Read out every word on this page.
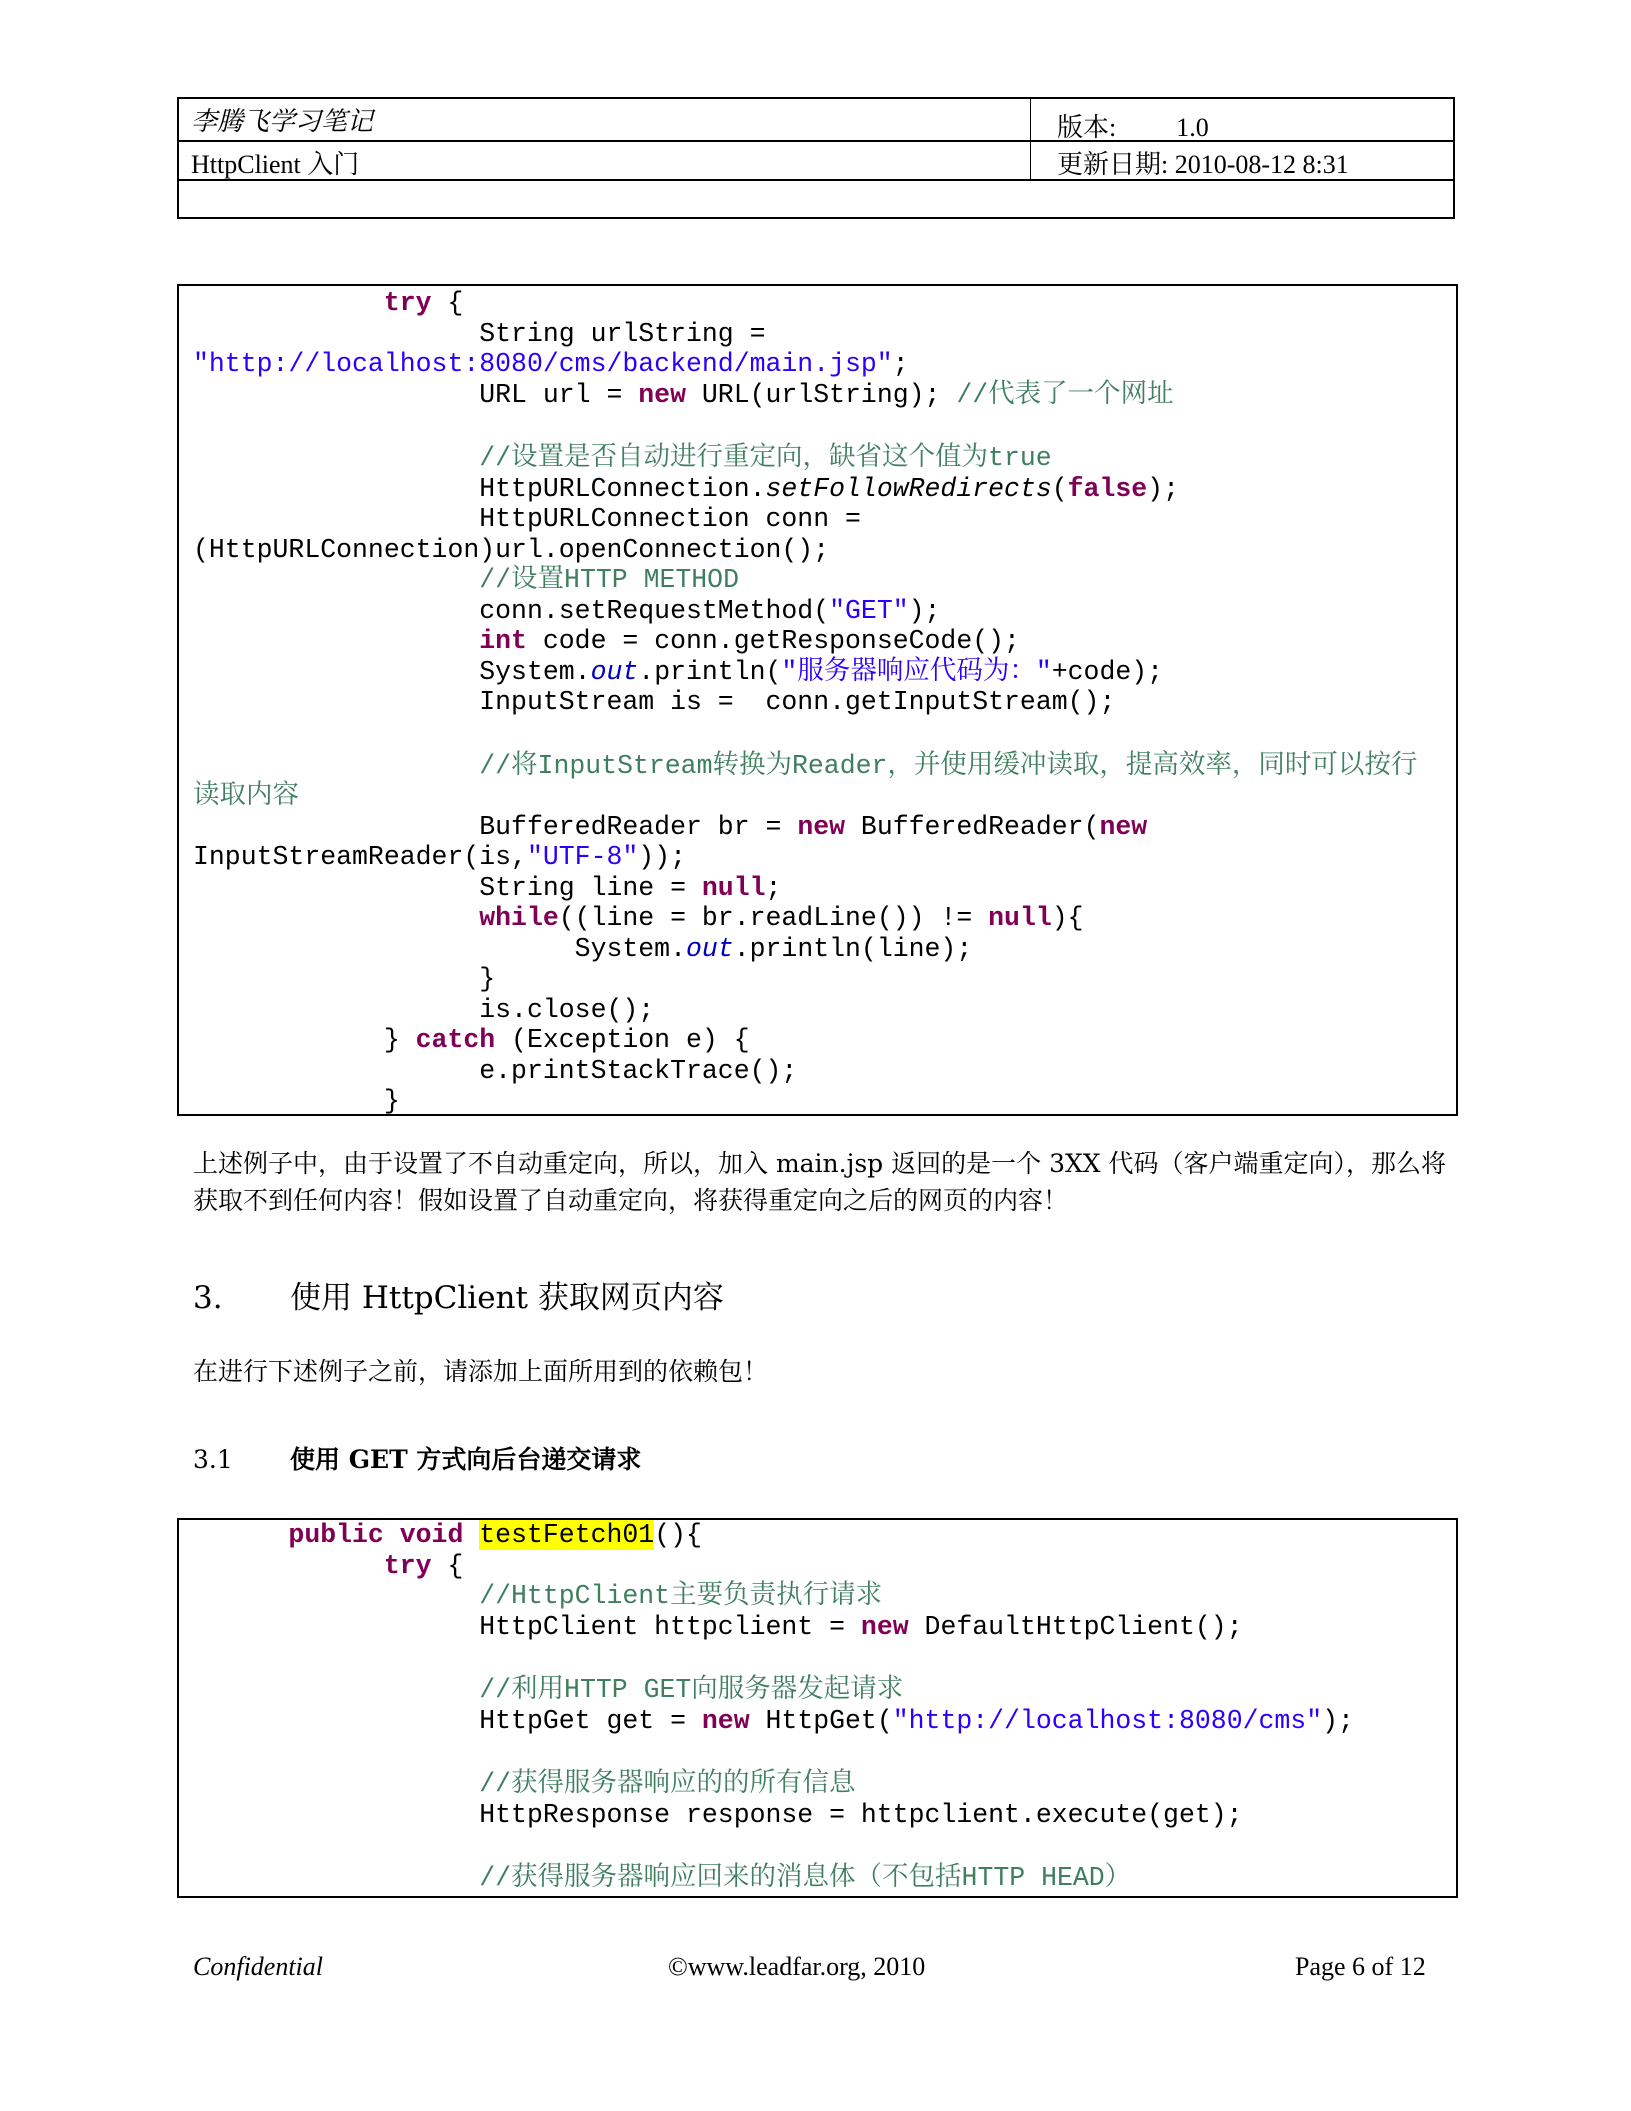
李腾飞学习笔记	版本: 1.0
HttpClient 入门	更新日期: 2010-08-12 8:31
try {
String urlString =
"http://localhost:8080/cms/backend/main.jsp";
URL url = new URL(urlString); //代表了一个网址
//设置是否自动进行重定向，缺省这个值为true
HttpURLConnection.setFollowRedirects(false);
HttpURLConnection conn =
(HttpURLConnection)url.openConnection();
//设置HTTP METHOD
conn.setRequestMethod("GET");
int code = conn.getResponseCode();
System.out.println("服务器响应代码为："+code);
InputStream is =  conn.getInputStream();
//将InputStream转换为Reader，并使用缓冲读取，提高效率，同时可以按行
读取内容
BufferedReader br = new BufferedReader(new
InputStreamReader(is,"UTF-8"));
String line = null;
while((line = br.readLine()) != null){
System.out.println(line);
}
is.close();
} catch (Exception e) {
e.printStackTrace();
}
上述例子中，由于设置了不自动重定向，所以，加入 main.jsp 返回的是一个 3XX 代码（客户端重定向），那么将获取不到任何内容！假如设置了自动重定向，将获得重定向之后的网页的内容！
3. 使用 HttpClient 获取网页内容
在进行下述例子之前，请添加上面所用到的依赖包！
3.1 使用 GET 方式向后台递交请求
public void testFetch01(){
try {
//HttpClient主要负责执行请求
HttpClient httpclient = new DefaultHttpClient();
//利用HTTP GET向服务器发起请求
HttpGet get = new HttpGet("http://localhost:8080/cms");
//获得服务器响应的的所有信息
HttpResponse response = httpclient.execute(get);
//获得服务器响应回来的消息体（不包括HTTP HEAD）
Confidential	©www.leadfar.org, 2010	Page 6 of 12
